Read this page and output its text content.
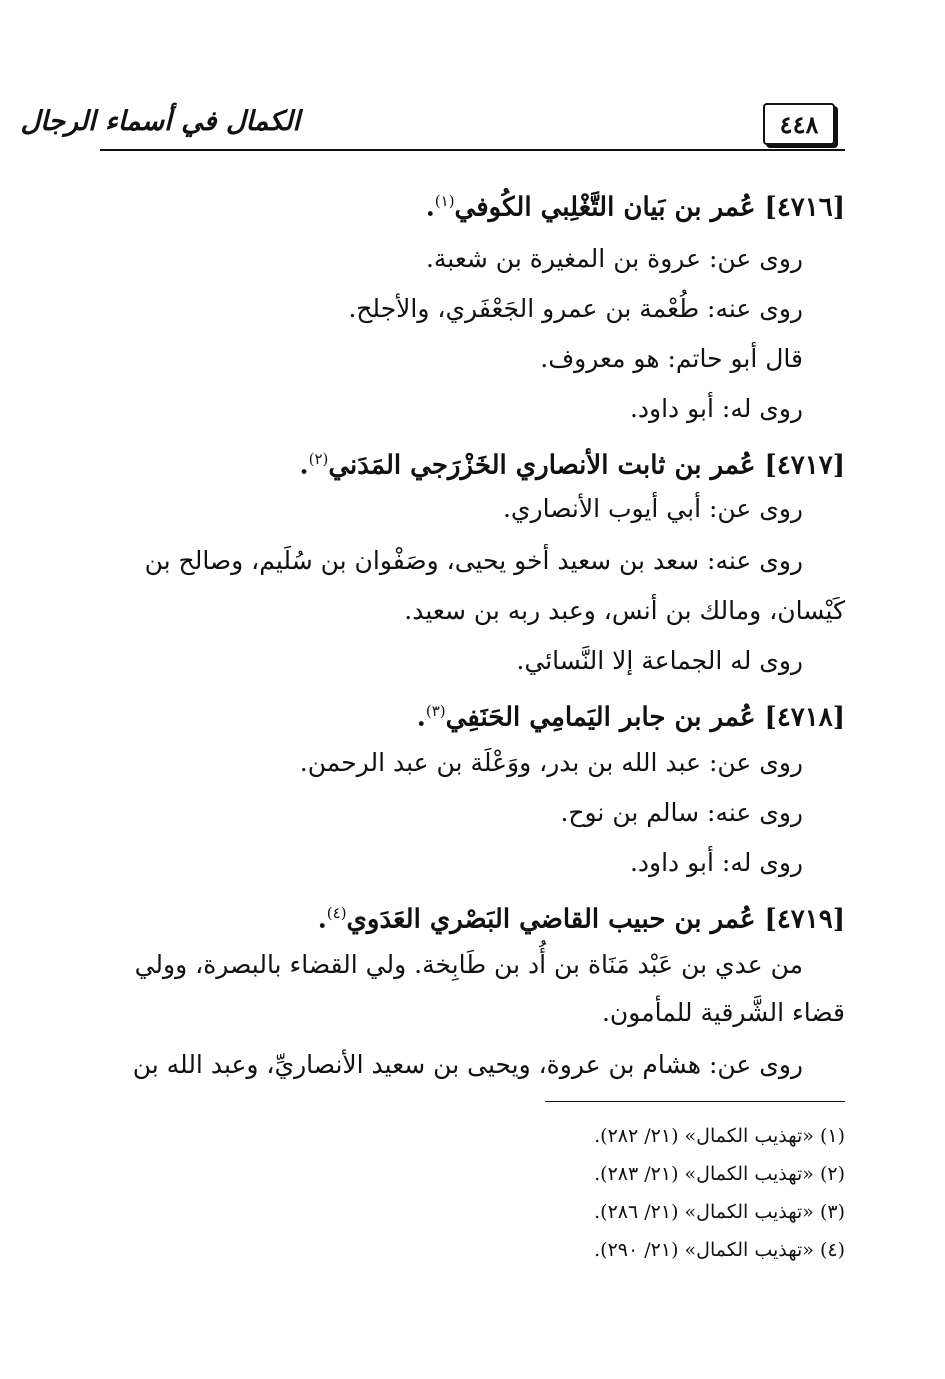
٤٤٨
الكمال في أسماء الرجال
[٤٧١٦] عُمر بن بَيان التَّغْلِبي الكُوفي$^{(١)}$.
روى عن: عروة بن المغيرة بن شعبة.
روى عنه: طُعْمة بن عمرو الجَعْفَري، والأجلح.
قال أبو حاتم: هو معروف.
روى له: أبو داود.
[٤٧١٧] عُمر بن ثابت الأنصاري الخَزْرَجي المَدَني$^{(٢)}$.
روى عن: أبي أيوب الأنصاري.
روى عنه: سعد بن سعيد أخو يحيى، وصَفْوان بن سُلَيم، وصالح بن
كَيْسان، ومالك بن أنس، وعبد ربه بن سعيد.
روى له الجماعة إلا النَّسائي.
[٤٧١٨] عُمر بن جابر اليَمامِي الحَنَفِي$^{(٣)}$.
روى عن: عبد الله بن بدر، ووَعْلَة بن عبد الرحمن.
روى عنه: سالم بن نوح.
روى له: أبو داود.
[٤٧١٩] عُمر بن حبيب القاضي البَصْري العَدَوي$^{(٤)}$.
من عدي بن عَبْد مَنَاة بن أُد بن طَابِخة. ولي القضاء بالبصرة، وولي
قضاء الشَّرقية للمأمون.
روى عن: هشام بن عروة، ويحيى بن سعيد الأنصاريِّ، وعبد الله بن
(١) «تهذيب الكمال» (٢١/ ٢٨٢).
(٢) «تهذيب الكمال» (٢١/ ٢٨٣).
(٣) «تهذيب الكمال» (٢١/ ٢٨٦).
(٤) «تهذيب الكمال» (٢١/ ٢٩٠).
